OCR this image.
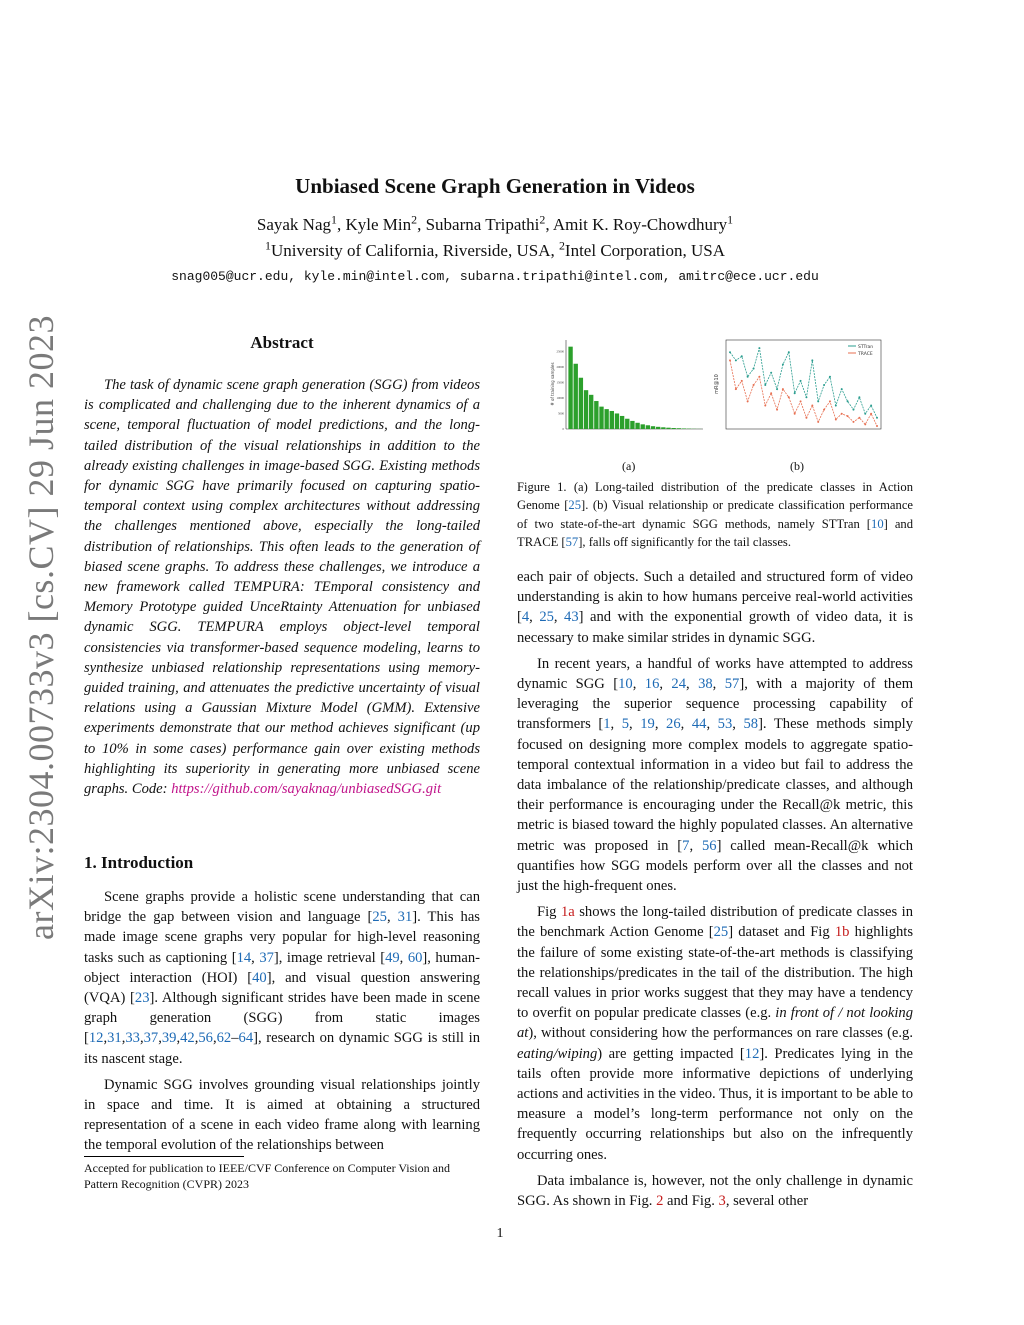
arXiv:2304.00733v3 [cs.CV] 29 Jun 2023
Unbiased Scene Graph Generation in Videos
Sayak Nag$^1$, Kyle Min$^2$, Subarna Tripathi$^2$, Amit K. Roy-Chowdhury$^1$
$^1$University of California, Riverside, USA, $^2$Intel Corporation, USA
snag005@ucr.edu, kyle.min@intel.com, subarna.tripathi@intel.com, amitrc@ece.ucr.edu
Abstract
The task of dynamic scene graph generation (SGG) from videos is complicated and challenging due to the inherent dynamics of a scene, temporal fluctuation of model predictions, and the long-tailed distribution of the visual relationships in addition to the already existing challenges in image-based SGG. Existing methods for dynamic SGG have primarily focused on capturing spatio-temporal context using complex architectures without addressing the challenges mentioned above, especially the long-tailed distribution of relationships. This often leads to the generation of biased scene graphs. To address these challenges, we introduce a new framework called TEMPURA: TEmporal consistency and Memory Prototype guided UnceRtainty Attenuation for unbiased dynamic SGG. TEMPURA employs object-level temporal consistencies via transformer-based sequence modeling, learns to synthesize unbiased relationship representations using memory-guided training, and attenuates the predictive uncertainty of visual relations using a Gaussian Mixture Model (GMM). Extensive experiments demonstrate that our method achieves significant (up to 10% in some cases) performance gain over existing methods highlighting its superiority in generating more unbiased scene graphs. Code: https://github.com/sayaknag/unbiasedSGG.git
1. Introduction

Scene graphs provide a holistic scene understanding that can bridge the gap between vision and language [25, 31]. This has made image scene graphs very popular for high-level reasoning tasks such as captioning [14, 37], image retrieval [49, 60], human-object interaction (HOI) [40], and visual question answering (VQA) [23]. Although significant strides have been made in scene graph generation (SGG) from static images [12,31,33,37,39,42,56,62–64], research on dynamic SGG is still in its nascent stage.

Dynamic SGG involves grounding visual relationships jointly in space and time. It is aimed at obtaining a structured representation of a scene in each video frame along with learning the temporal evolution of the relationships between

Accepted for publication to IEEE/CVF Conference on Computer Vision and Pattern Recognition (CVPR) 2023
# of training samples
0
5000
10000
15000
20000
25000
mR@10
STTran
TRACE
(a)	(b)
Figure 1. (a) Long-tailed distribution of the predicate classes in Action Genome [25]. (b) Visual relationship or predicate classification performance of two state-of-the-art dynamic SGG methods, namely STTran [10] and TRACE [57], falls off significantly for the tail classes.

each pair of objects. Such a detailed and structured form of video understanding is akin to how humans perceive real-world activities [4, 25, 43] and with the exponential growth of video data, it is necessary to make similar strides in dynamic SGG.

In recent years, a handful of works have attempted to address dynamic SGG [10, 16, 24, 38, 57], with a majority of them leveraging the superior sequence processing capability of transformers [1, 5, 19, 26, 44, 53, 58]. These methods simply focused on designing more complex models to aggregate spatio-temporal contextual information in a video but fail to address the data imbalance of the relationship/predicate classes, and although their performance is encouraging under the Recall@k metric, this metric is biased toward the highly populated classes. An alternative metric was proposed in [7, 56] called mean-Recall@k which quantifies how SGG models perform over all the classes and not just the high-frequent ones.

Fig 1a shows the long-tailed distribution of predicate classes in the benchmark Action Genome [25] dataset and Fig 1b highlights the failure of some existing state-of-the-art methods is classifying the relationships/predicates in the tail of the distribution. The high recall values in prior works suggest that they may have a tendency to overfit on popular predicate classes (e.g. in front of / not looking at), without considering how the performances on rare classes (e.g. eating/wiping) are getting impacted [12]. Predicates lying in the tails often provide more informative depictions of underlying actions and activities in the video. Thus, it is important to be able to measure a model’s long-term performance not only on the frequently occurring relationships but also on the infrequently occurring ones.

Data imbalance is, however, not the only challenge in dynamic SGG. As shown in Fig. 2 and Fig. 3, several other

1
